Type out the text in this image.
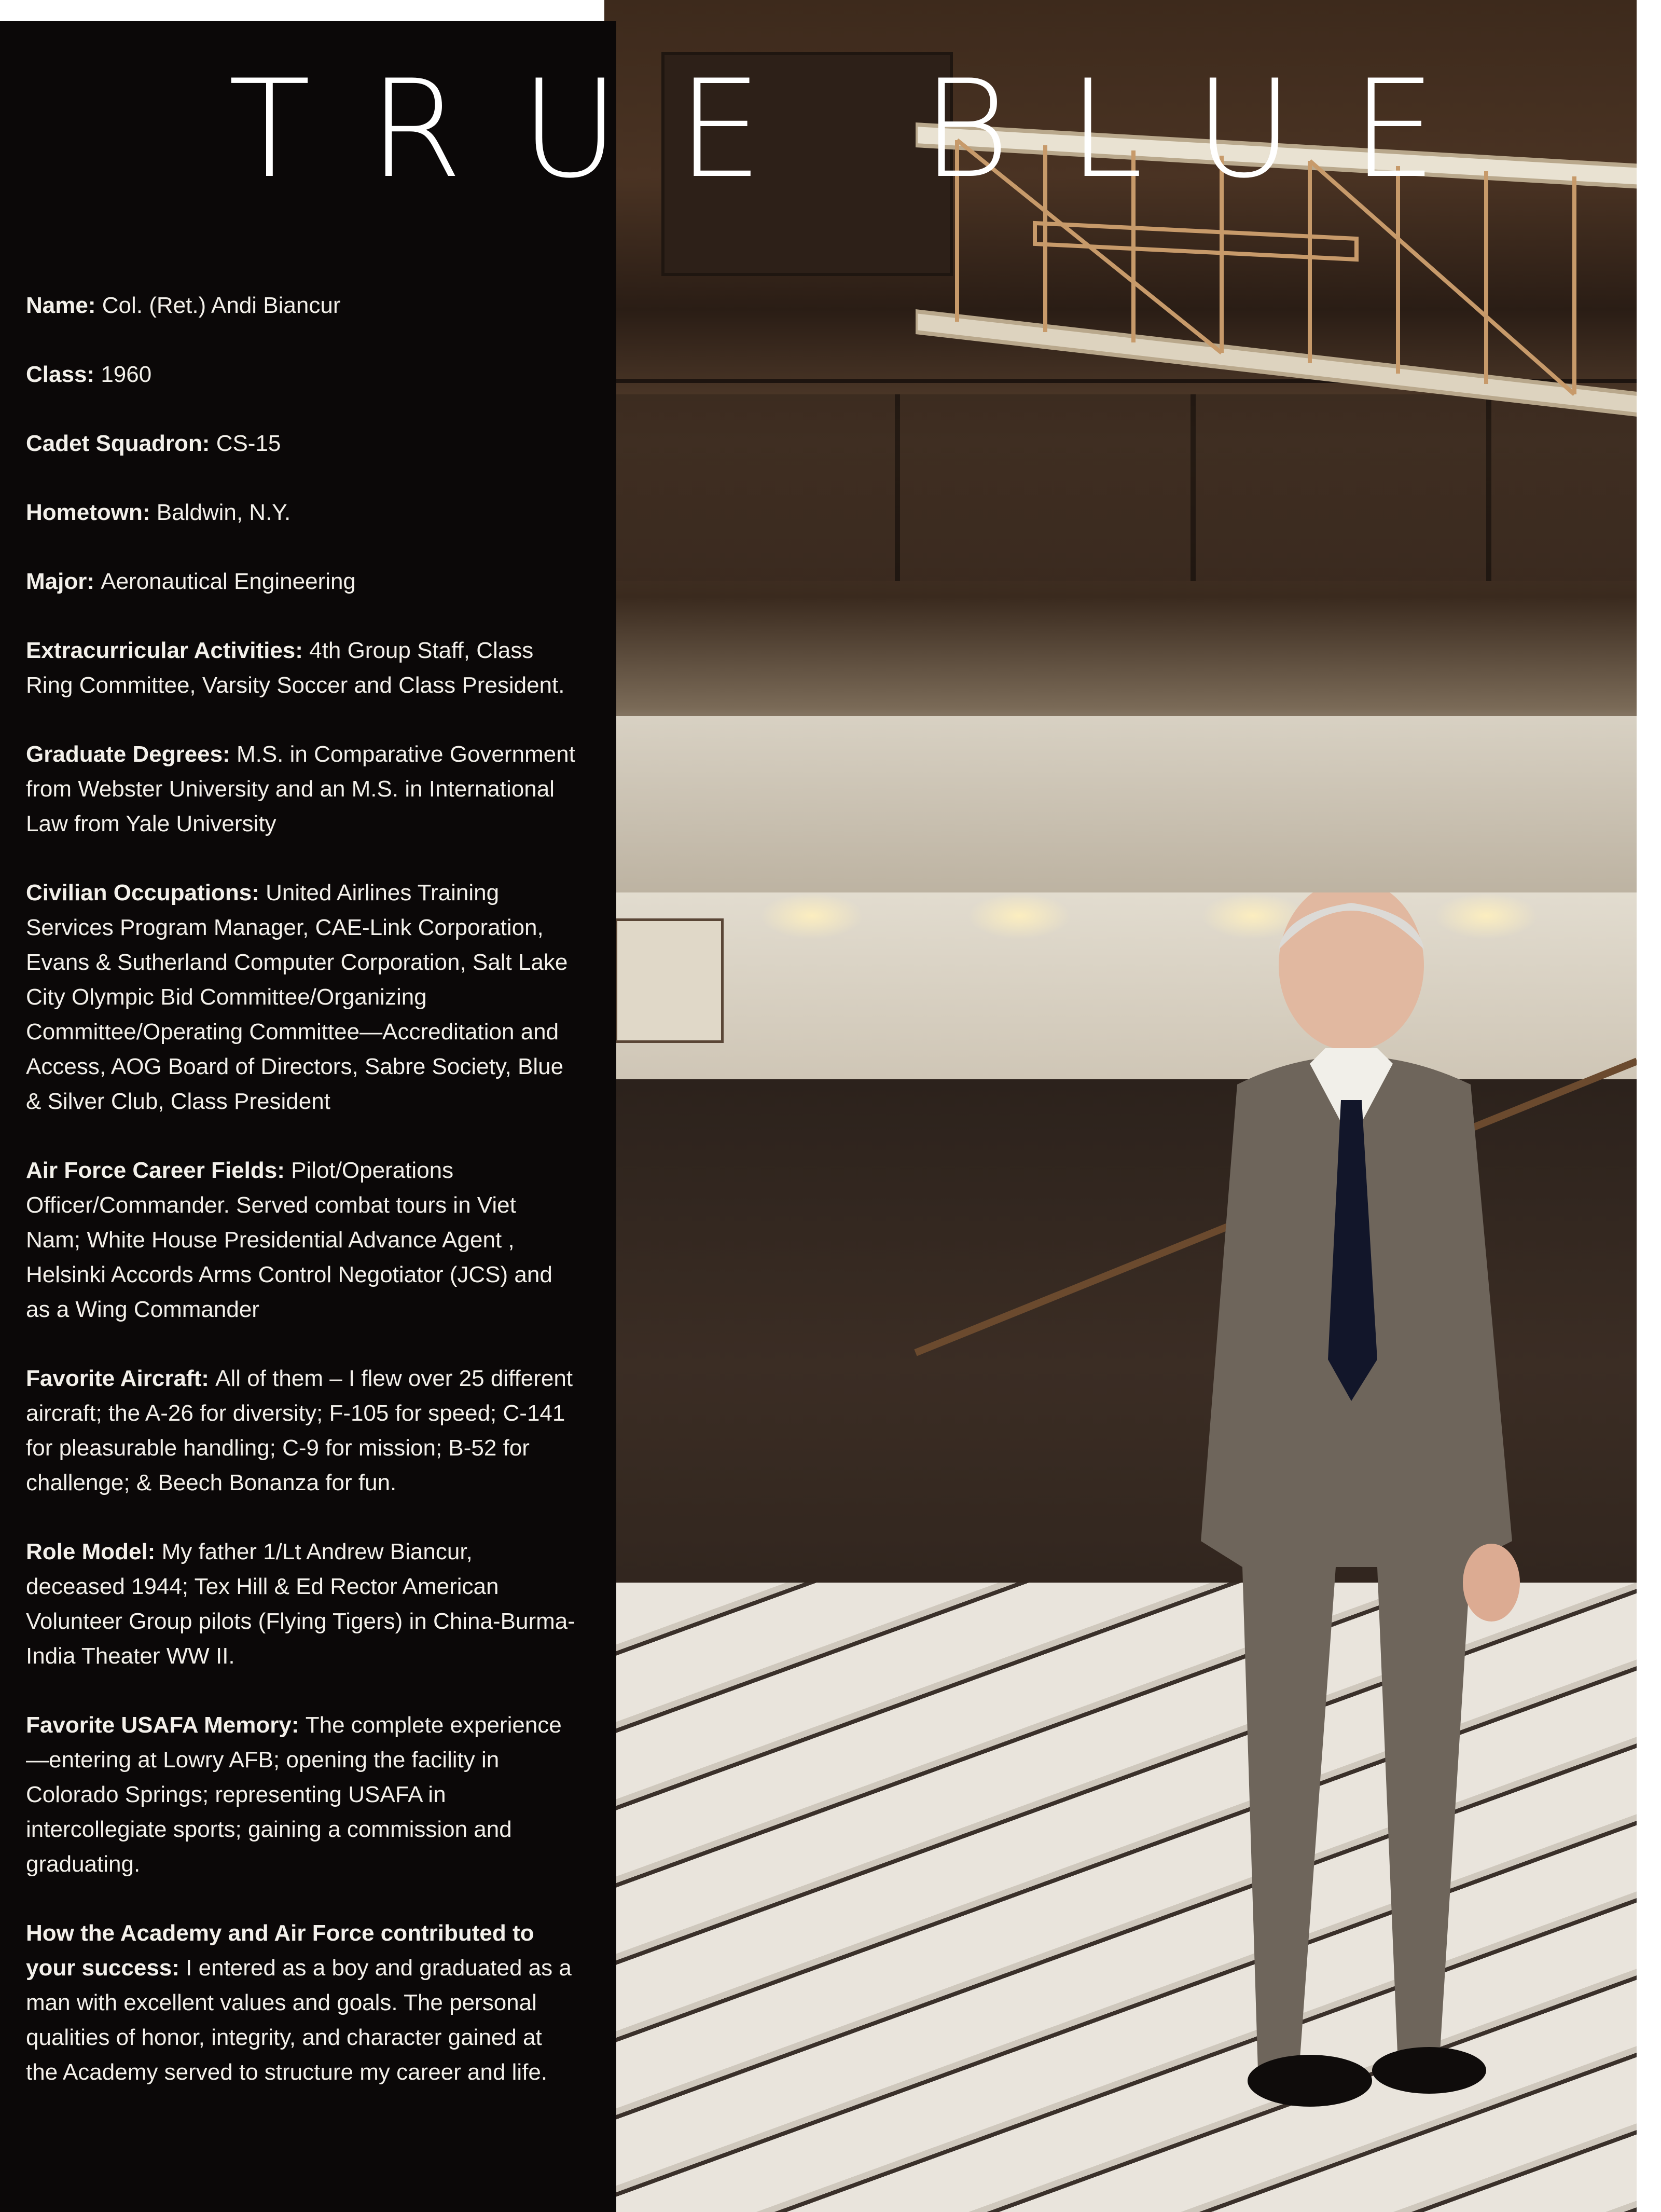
TRUE BLUE

Name: Col. (Ret.) Andi Biancur

Class: 1960

Cadet Squadron: CS-15

Hometown: Baldwin, N.Y.

Major: Aeronautical Engineering

Extracurricular Activities: 4th Group Staff, Class Ring Committee, Varsity Soccer and Class President.

Graduate Degrees: M.S. in Comparative Government from Webster University and an M.S. in International Law from Yale University

Civilian Occupations: United Airlines Training Services Program Manager, CAE-Link Corporation, Evans & Sutherland Computer Corporation, Salt Lake City Olympic Bid Committee/Organizing Committee/Operating Committee—Accreditation and Access, AOG Board of Directors, Sabre Society, Blue & Silver Club, Class President

Air Force Career Fields: Pilot/Operations Officer/Commander. Served combat tours in Viet Nam; White House Presidential Advance Agent , Helsinki Accords Arms Control Negotiator (JCS) and as a Wing Commander

Favorite Aircraft: All of them – I flew over 25 different aircraft; the A-26 for diversity; F-105 for speed; C-141 for pleasurable handling; C-9 for mission; B-52 for challenge; & Beech Bonanza for fun.

Role Model: My father 1/Lt Andrew Biancur, deceased 1944; Tex Hill & Ed Rector American Volunteer Group pilots (Flying Tigers) in China-Burma-India Theater WW II.

Favorite USAFA Memory: The complete experience—entering at Lowry AFB; opening the facility in Colorado Springs; representing USAFA in intercollegiate sports; gaining a commission and graduating.

How the Academy and Air Force contributed to your success: I entered as a boy and graduated as a man with excellent values and goals. The personal qualities of honor, integrity, and character gained at the Academy served to structure my career and life.
